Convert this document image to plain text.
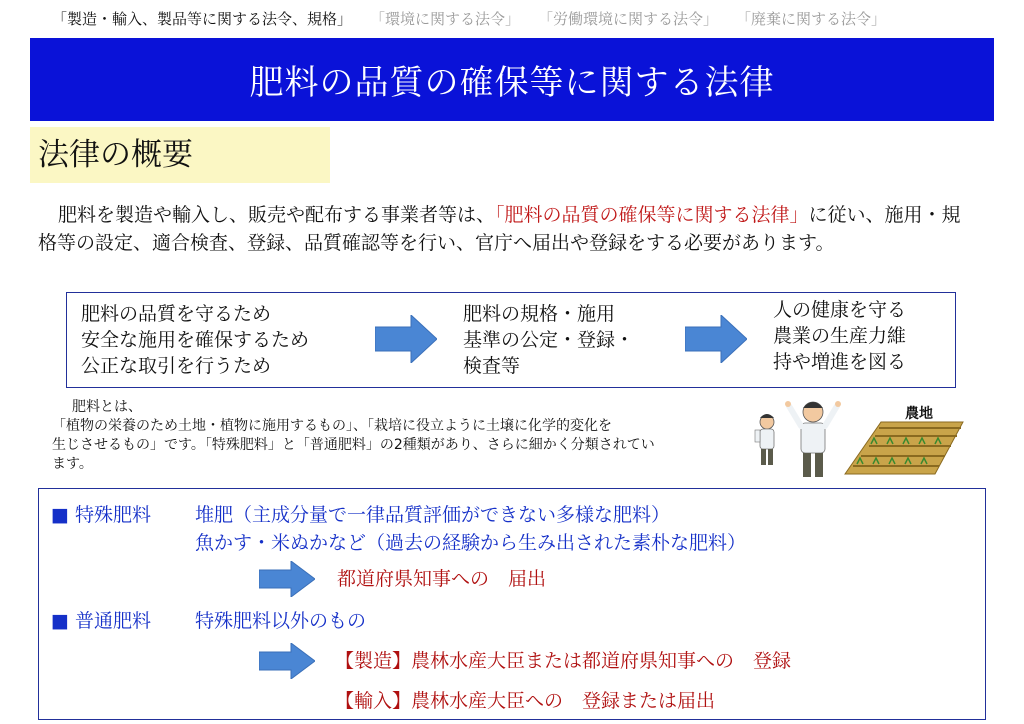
「製造・輸入、製品等に関する法令、規格」 「環境に関する法令」 「労働環境に関する法令」 「廃棄に関する法令」
肥料の品質の確保等に関する法律
法律の概要
肥料を製造や輸入し、販売や配布する事業者等は、「肥料の品質の確保等に関する法律」に従い、施用・規格等の設定、適合検査、登録、品質確認等を行い、官庁へ届出や登録をする必要があります。
肥料の品質を守るため
安全な施用を確保するため
公正な取引を行うため
肥料の規格・施用
基準の公定・登録・
検査等
人の健康を守る
農業の生産力維
持や増進を図る
肥料とは、
「植物の栄養のため土地・植物に施用するもの」、「栽培に役立ように土壌に化学的変化を
生じさせるもの」です。「特殊肥料」と「普通肥料」の2種類があり、さらに細かく分類されてい
ます。
農地
■ 特殊肥料 堆肥（主成分量で一律品質評価ができない多様な肥料）
魚かす・米ぬかなど（過去の経験から生み出された素朴な肥料）
都道府県知事への　届出
■ 普通肥料 特殊肥料以外のもの
【製造】農林水産大臣または都道府県知事への　登録
【輸入】農林水産大臣への　登録または届出
